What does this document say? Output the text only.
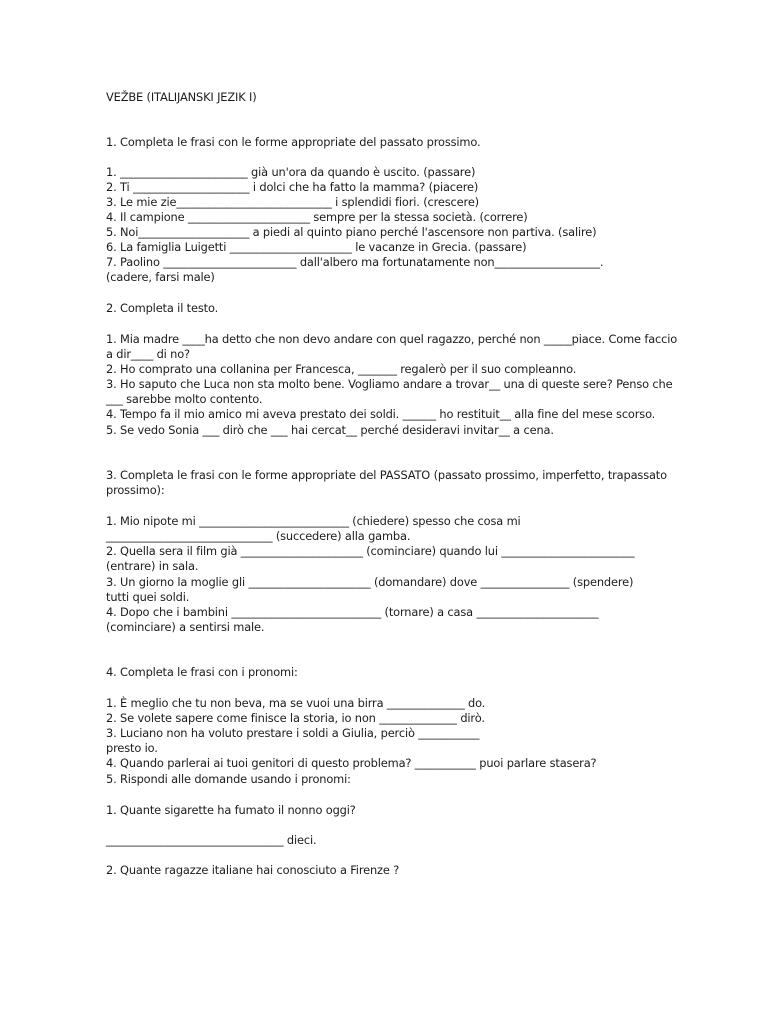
VEŽBE (ITALIJANSKI JEZIK I)

1. Completa le frasi con le forme appropriate del passato prossimo.

1. _______________________ già un'ora da quando è uscito. (passare)

2. Ti _____________________ i dolci che ha fatto la mamma? (piacere)

3. Le mie zie____________________________ i splendidi fiori. (crescere)

4. Il campione ______________________ sempre per la stessa società. (correre)

5. Noi____________________ a piedi al quinto piano perché l'ascensore non partiva. (salire)

6. La famiglia Luigetti ______________________ le vacanze in Grecia. (passare)

7. Paolino ________________________ dall'albero ma fortunatamente non___________________.

(cadere, farsi male)

2. Completa il testo.

1. Mia madre ____ha detto che non devo andare con quel ragazzo, perché non _____piace. Come faccio

a dir____ di no?

2. Ho comprato una collanina per Francesca, _______ regalerò per il suo compleanno.

3. Ho saputo che Luca non sta molto bene. Vogliamo andare a trovar__ una di queste sere? Penso che

___ sarebbe molto contento.

4. Tempo fa il mio amico mi aveva prestato dei soldi. ______ ho restituit__ alla fine del mese scorso.

5. Se vedo Sonia ___ dirò che ___ hai cercat__ perché desideravi invitar__ a cena.

3. Completa le frasi con le forme appropriate del PASSATO (passato prossimo, imperfetto, trapassato

prossimo):

1. Mio nipote mi ___________________________ (chiedere) spesso che cosa mi

______________________________ (succedere) alla gamba.

2. Quella sera il film già ______________________ (cominciare) quando lui ________________________

(entrare) in sala.

3. Un giorno la moglie gli ______________________ (domandare) dove ________________ (spendere)

tutti quei soldi.

4. Dopo che i bambini ___________________________ (tornare) a casa ______________________

(cominciare) a sentirsi male.

4. Completa le frasi con i pronomi:

1. È meglio che tu non beva, ma se vuoi una birra ______________ do.

2. Se volete sapere come finisce la storia, io non ______________ dirò.

3. Luciano non ha voluto prestare i soldi a Giulia, perciò ___________

presto io.

4. Quando parlerai ai tuoi genitori di questo problema? ___________ puoi parlare stasera?

5. Rispondi alle domande usando i pronomi:

1. Quante sigarette ha fumato il nonno oggi?

________________________________ dieci.

2. Quante ragazze italiane hai conosciuto a Firenze ?
